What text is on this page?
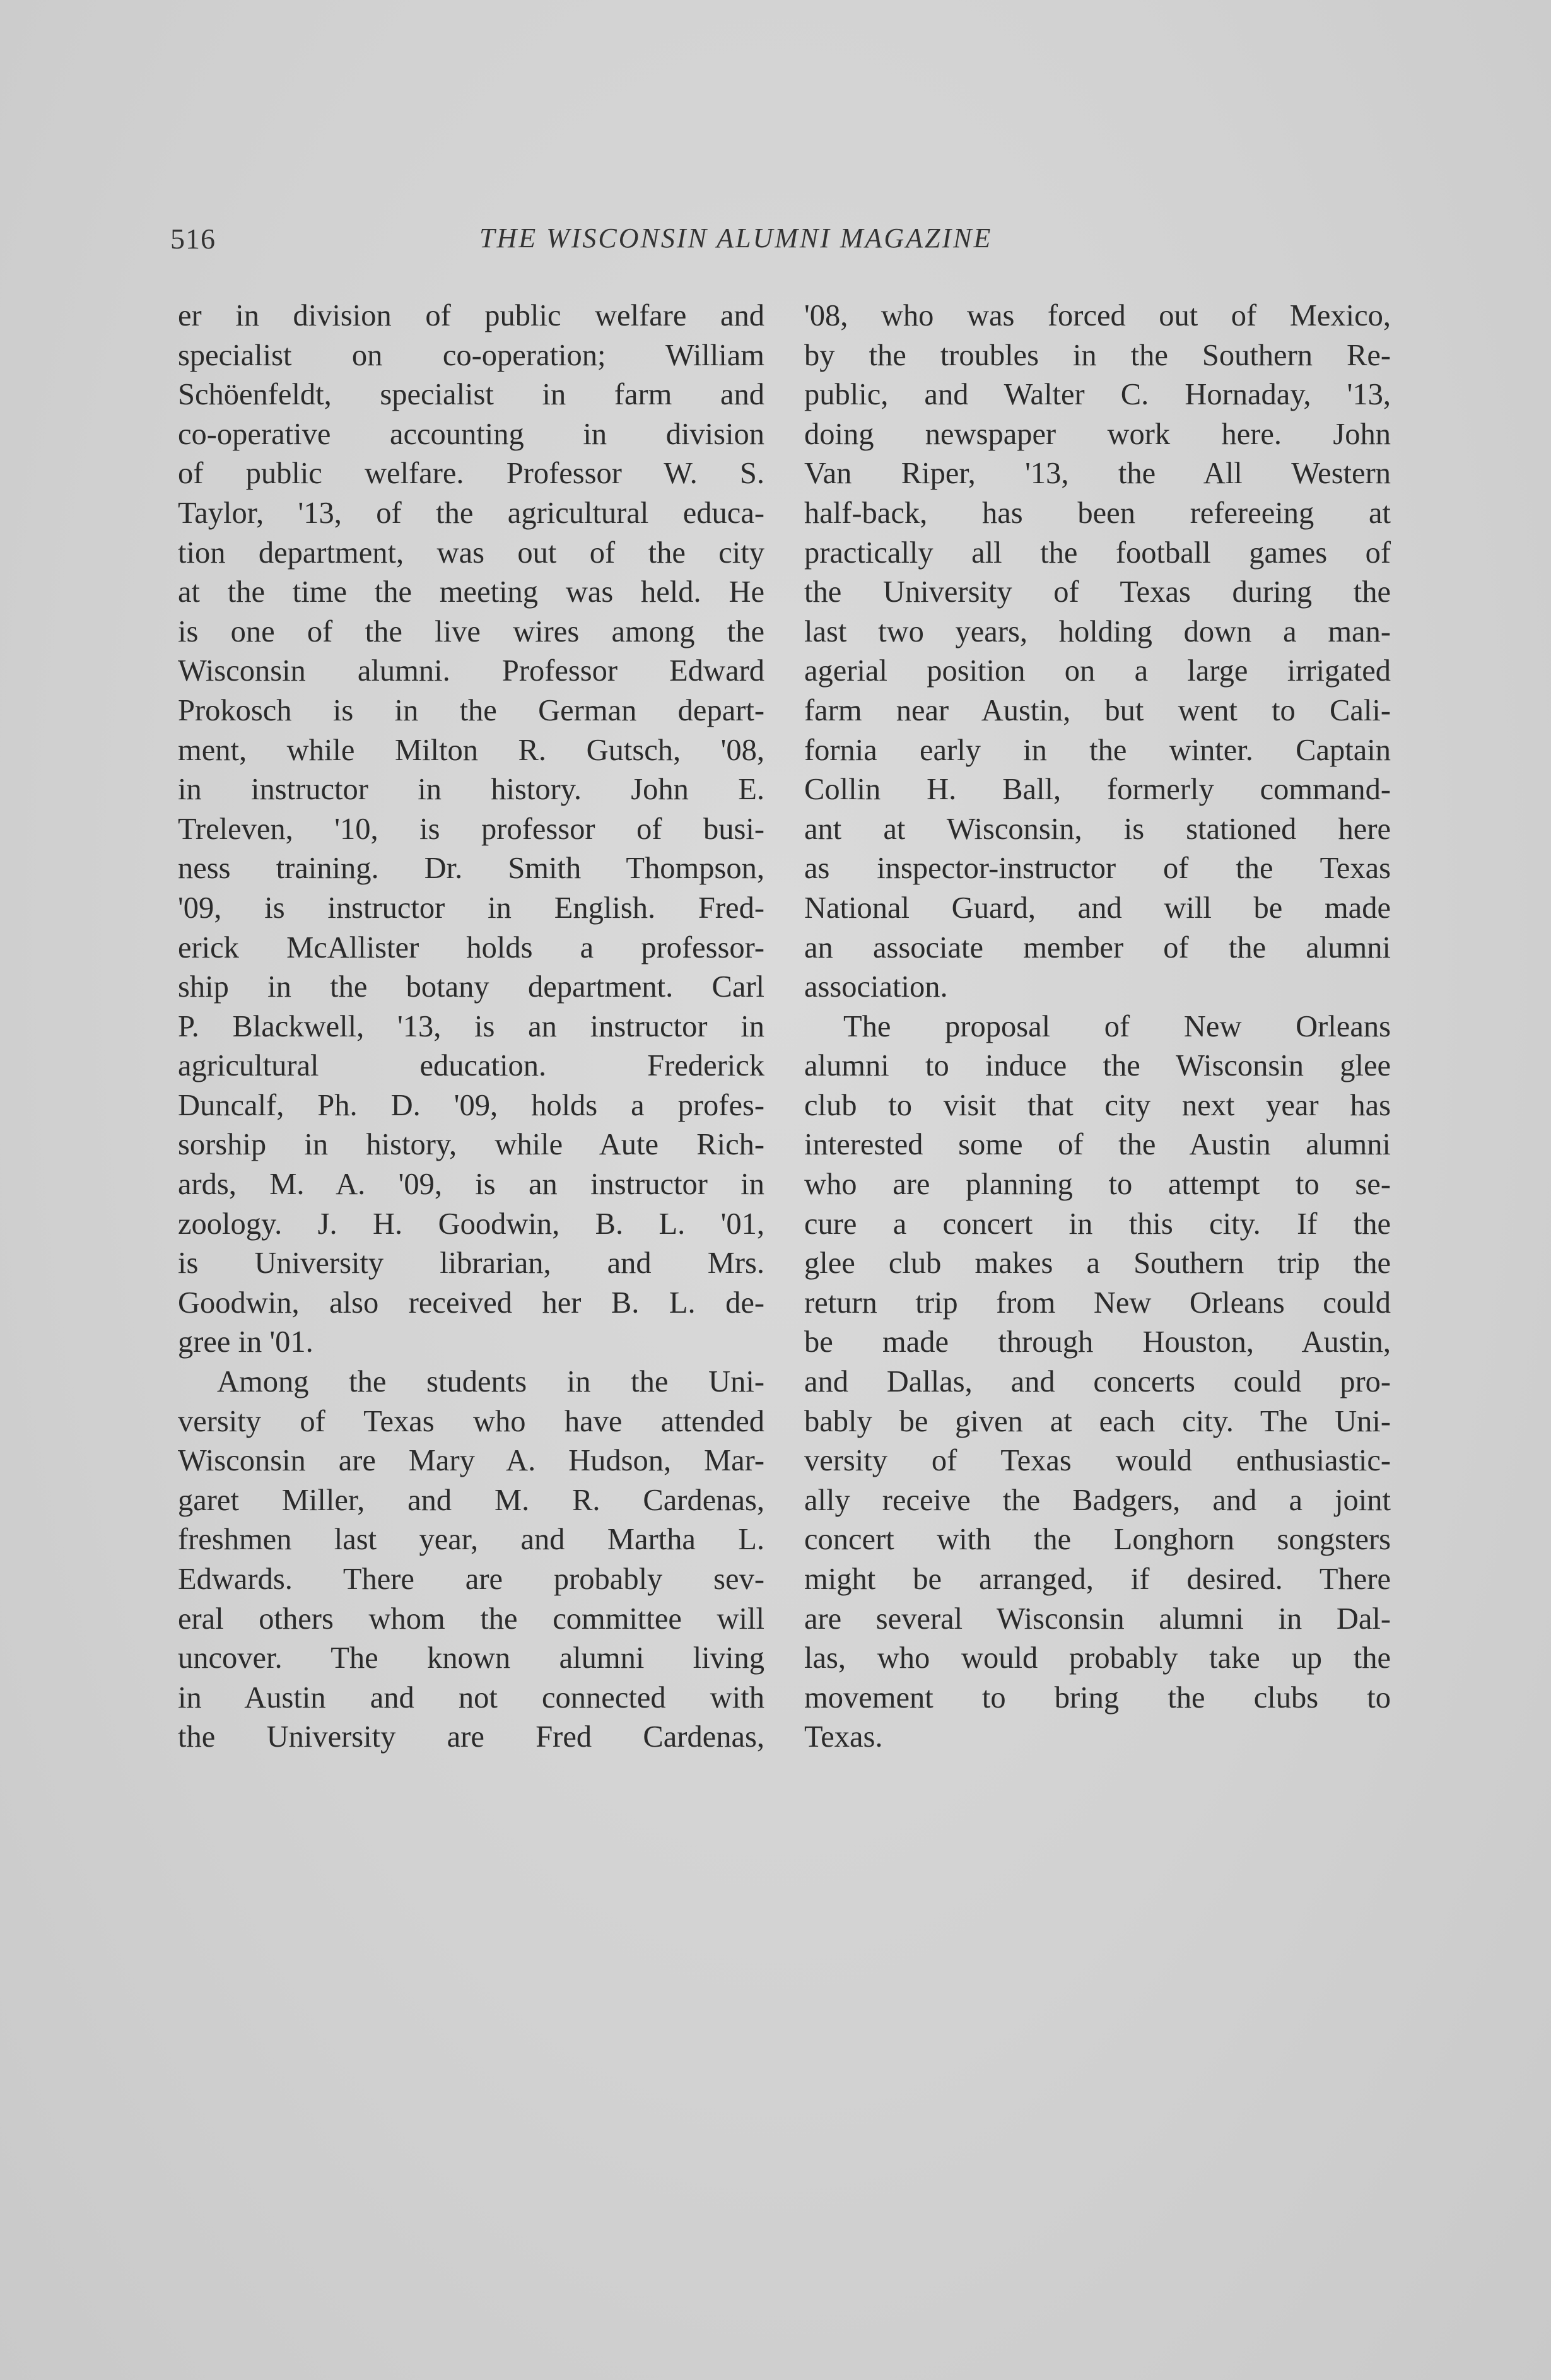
516	THE WISCONSIN ALUMNI MAGAZINE
er in division of public welfare and
specialist on co-operation; William
Schöenfeldt, specialist in farm and
co-operative accounting in division
of public welfare. Professor W. S.
Taylor, '13, of the agricultural educa-
tion department, was out of the city
at the time the meeting was held. He
is one of the live wires among the
Wisconsin alumni. Professor Edward
Prokosch is in the German depart-
ment, while Milton R. Gutsch, '08,
in instructor in history. John E.
Treleven, '10, is professor of busi-
ness training. Dr. Smith Thompson,
'09, is instructor in English. Fred-
erick McAllister holds a professor-
ship in the botany department. Carl
P. Blackwell, '13, is an instructor in
agricultural education. Frederick
Duncalf, Ph. D. '09, holds a profes-
sorship in history, while Aute Rich-
ards, M. A. '09, is an instructor in
zoology. J. H. Goodwin, B. L. '01,
is University librarian, and Mrs.
Goodwin, also received her B. L. de-
gree in '01.
Among the students in the Uni-
versity of Texas who have attended
Wisconsin are Mary A. Hudson, Mar-
garet Miller, and M. R. Cardenas,
freshmen last year, and Martha L.
Edwards. There are probably sev-
eral others whom the committee will
uncover. The known alumni living
in Austin and not connected with
the University are Fred Cardenas,
'08, who was forced out of Mexico,
by the troubles in the Southern Re-
public, and Walter C. Hornaday, '13,
doing newspaper work here. John
Van Riper, '13, the All Western
half-back, has been refereeing at
practically all the football games of
the University of Texas during the
last two years, holding down a man-
agerial position on a large irrigated
farm near Austin, but went to Cali-
fornia early in the winter. Captain
Collin H. Ball, formerly command-
ant at Wisconsin, is stationed here
as inspector-instructor of the Texas
National Guard, and will be made
an associate member of the alumni
association.
The proposal of New Orleans
alumni to induce the Wisconsin glee
club to visit that city next year has
interested some of the Austin alumni
who are planning to attempt to se-
cure a concert in this city. If the
glee club makes a Southern trip the
return trip from New Orleans could
be made through Houston, Austin,
and Dallas, and concerts could pro-
bably be given at each city. The Uni-
versity of Texas would enthusiastic-
ally receive the Badgers, and a joint
concert with the Longhorn songsters
might be arranged, if desired. There
are several Wisconsin alumni in Dal-
las, who would probably take up the
movement to bring the clubs to
Texas.
